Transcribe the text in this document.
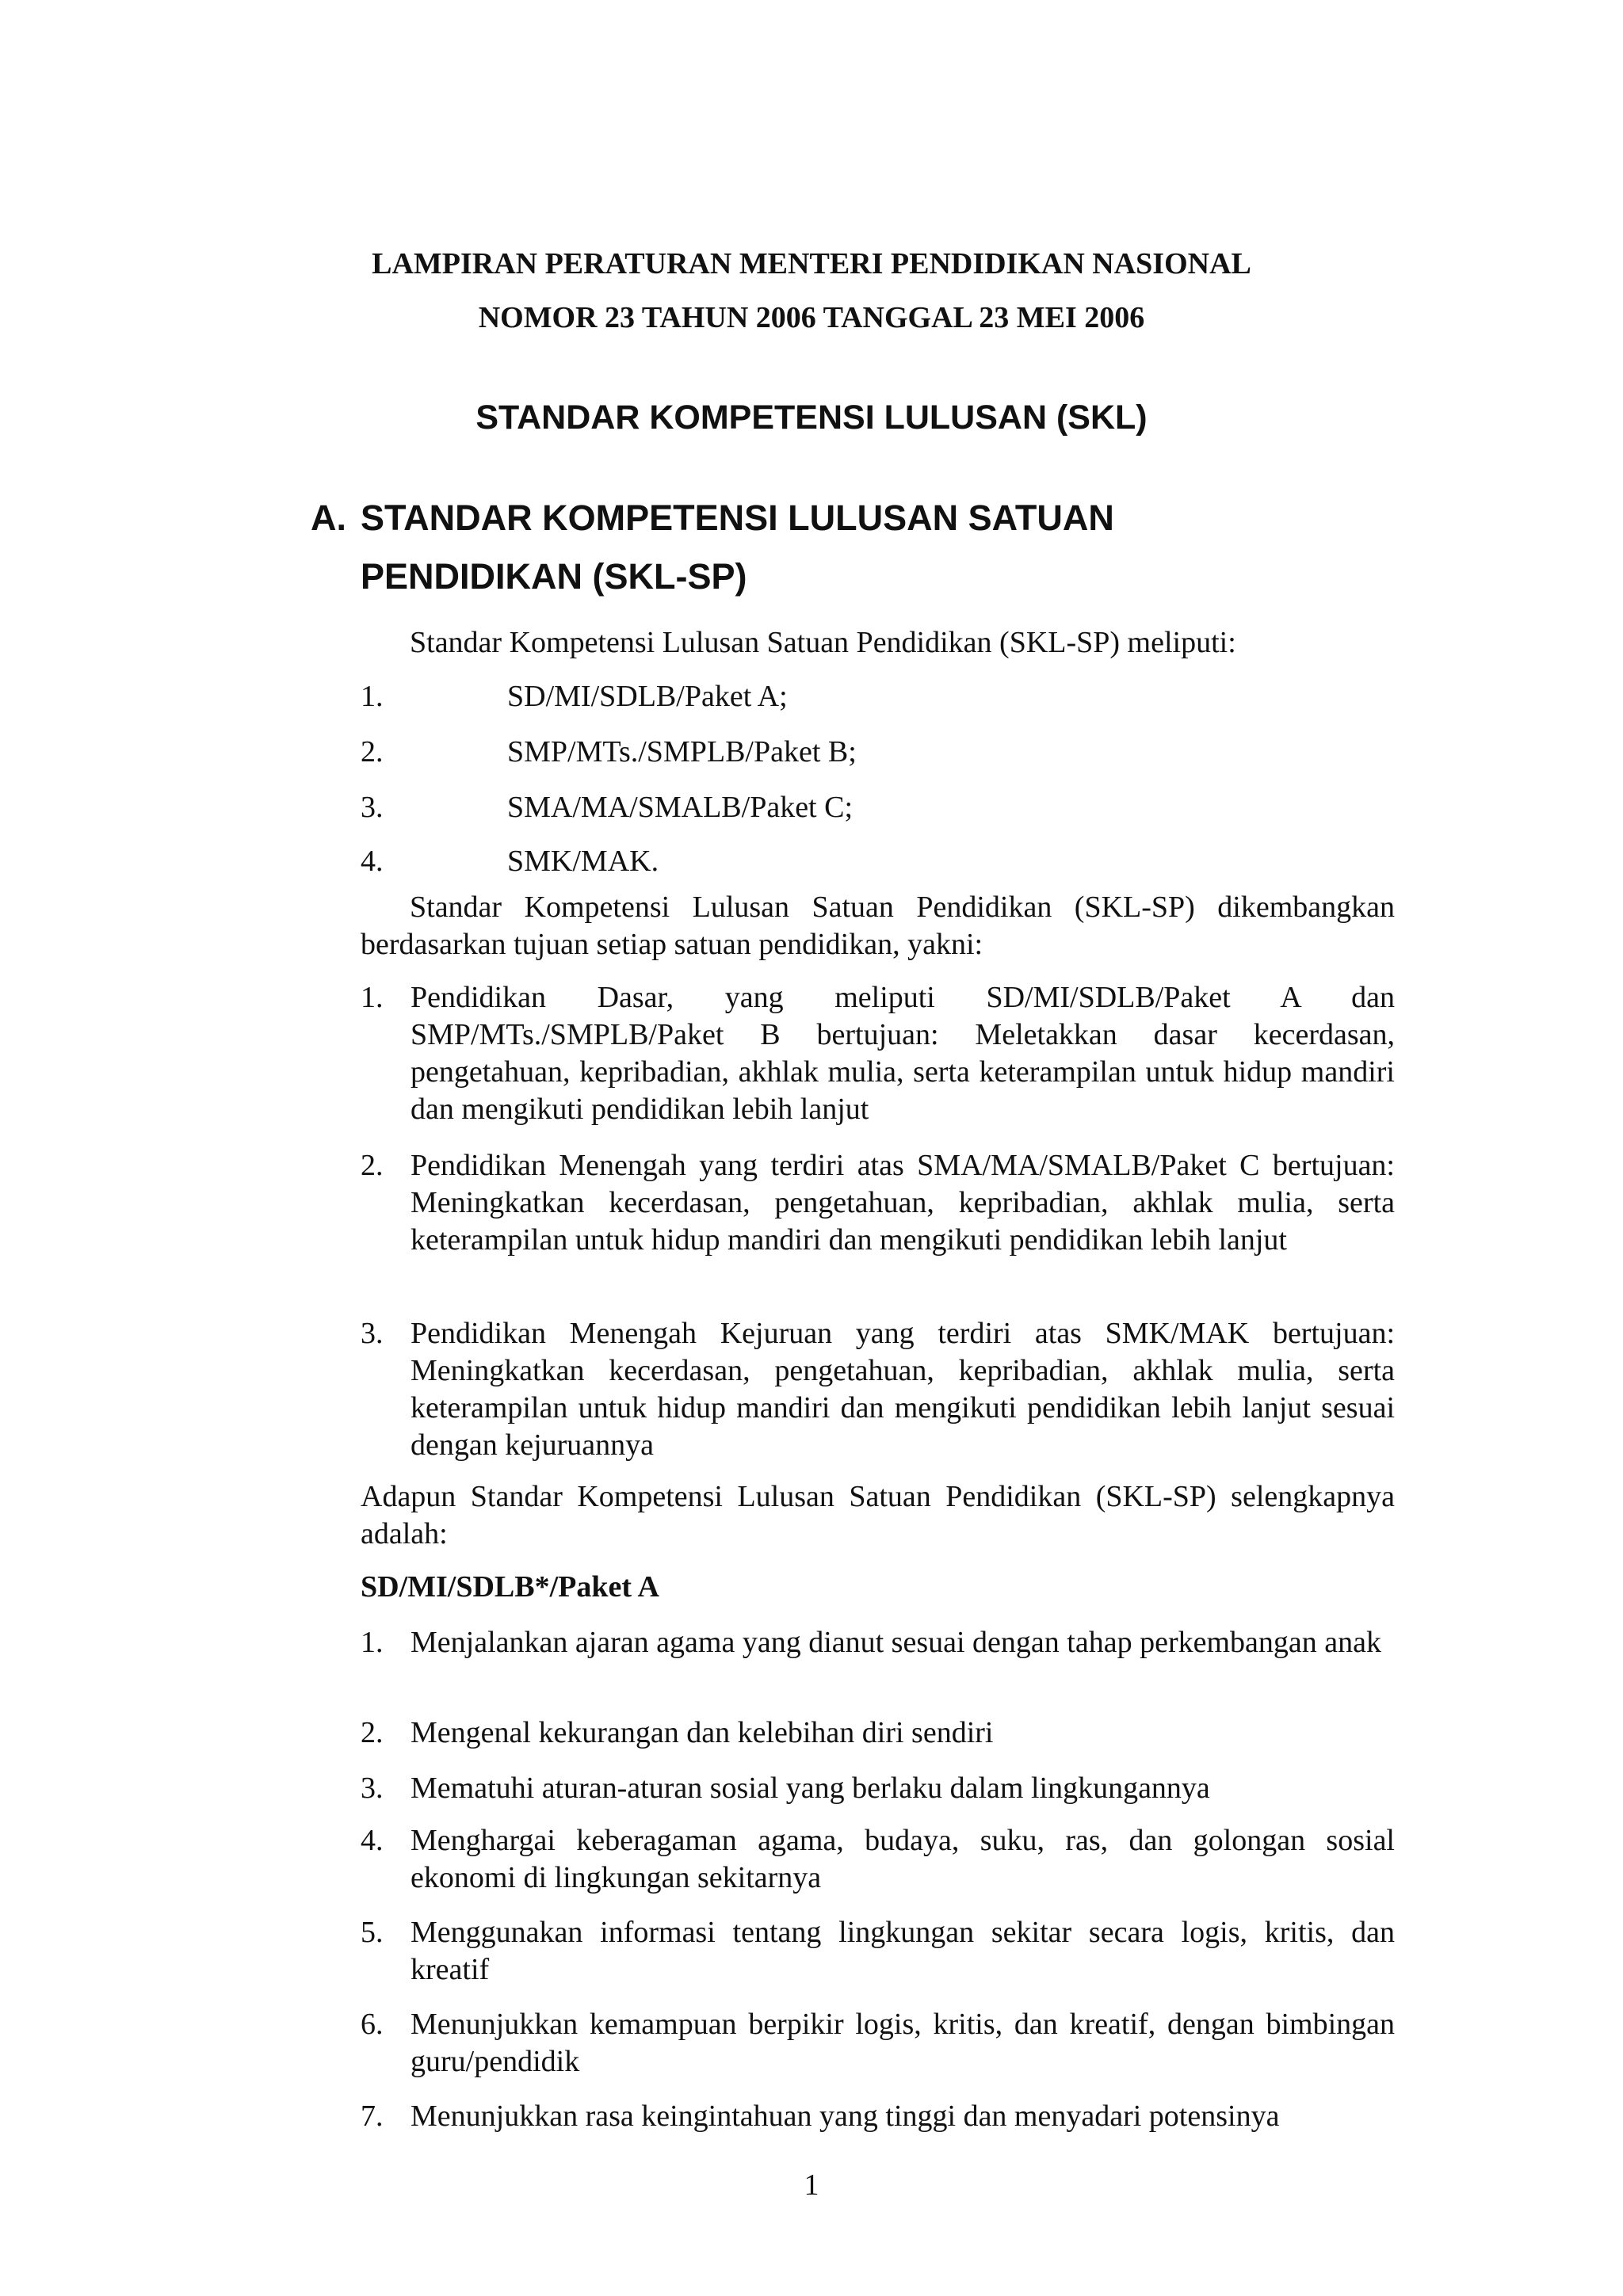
LAMPIRAN PERATURAN MENTERI PENDIDIKAN NASIONAL
NOMOR 23 TAHUN 2006 TANGGAL 23 MEI 2006
STANDAR KOMPETENSI LULUSAN (SKL)
A. STANDAR KOMPETENSI LULUSAN SATUAN
PENDIDIKAN (SKL-SP)
Standar Kompetensi Lulusan Satuan Pendidikan (SKL-SP) meliputi:
1.	SD/MI/SDLB/Paket A;
2.	SMP/MTs./SMPLB/Paket B;
3.	SMA/MA/SMALB/Paket C;
4.	SMK/MAK.
Standar Kompetensi Lulusan Satuan Pendidikan (SKL-SP) dikembangkan berdasarkan tujuan setiap satuan pendidikan, yakni:
1. Pendidikan Dasar, yang meliputi SD/MI/SDLB/Paket A dan SMP/MTs./SMPLB/Paket B bertujuan: Meletakkan dasar kecerdasan, pengetahuan, kepribadian, akhlak mulia, serta keterampilan untuk hidup mandiri dan mengikuti pendidikan lebih lanjut
2. Pendidikan Menengah yang terdiri atas SMA/MA/SMALB/Paket C bertujuan: Meningkatkan kecerdasan, pengetahuan, kepribadian, akhlak mulia, serta keterampilan untuk hidup mandiri dan mengikuti pendidikan lebih lanjut
3. Pendidikan Menengah Kejuruan yang terdiri atas SMK/MAK bertujuan: Meningkatkan kecerdasan, pengetahuan, kepribadian, akhlak mulia, serta keterampilan untuk hidup mandiri dan mengikuti pendidikan lebih lanjut sesuai dengan kejuruannya
Adapun Standar Kompetensi Lulusan Satuan Pendidikan (SKL-SP) selengkapnya adalah:
SD/MI/SDLB*/Paket A
1. Menjalankan ajaran agama yang dianut sesuai dengan tahap perkembangan anak
2. Mengenal kekurangan dan kelebihan diri sendiri
3. Mematuhi aturan-aturan sosial yang berlaku dalam lingkungannya
4. Menghargai keberagaman agama, budaya, suku, ras, dan golongan sosial ekonomi di lingkungan sekitarnya
5. Menggunakan informasi tentang lingkungan sekitar secara logis, kritis, dan kreatif
6. Menunjukkan kemampuan berpikir logis, kritis, dan kreatif, dengan bimbingan guru/pendidik
7. Menunjukkan rasa keingintahuan yang tinggi dan menyadari potensinya
1
